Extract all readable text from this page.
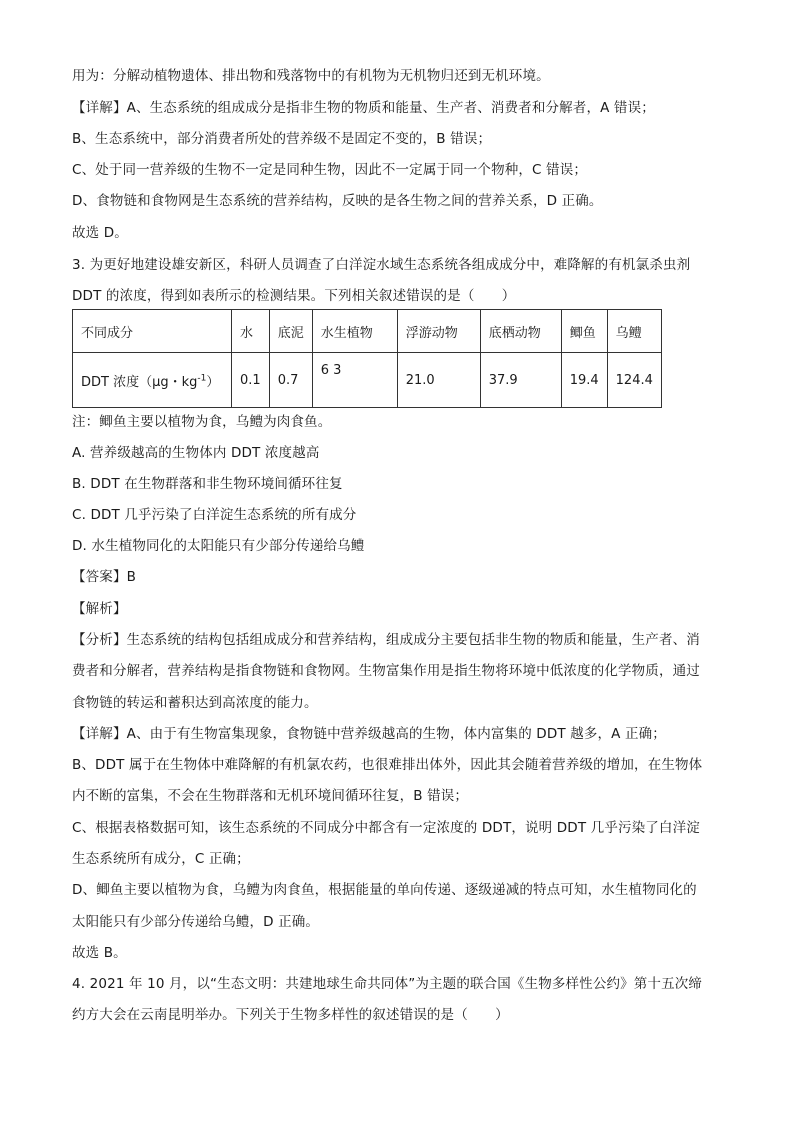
用为：分解动植物遗体、排出物和残落物中的有机物为无机物归还到无机环境。
【详解】A、生态系统的组成成分是指非生物的物质和能量、生产者、消费者和分解者，A 错误；
B、生态系统中，部分消费者所处的营养级不是固定不变的，B 错误；
C、处于同一营养级的生物不一定是同种生物，因此不一定属于同一个物种，C 错误；
D、食物链和食物网是生态系统的营养结构，反映的是各生物之间的营养关系，D 正确。
故选 D。
3. 为更好地建设雄安新区，科研人员调查了白洋淀水域生态系统各组成成分中，难降解的有机氯杀虫剂
DDT 的浓度，得到如表所示的检测结果。下列相关叙述错误的是（　　）
不同成分	水	底泥	水生植物	浮游动物	底栖动物	鲫鱼	乌鳢
DDT 浓度（μg・$kg^{-1}$）	0.1	0.7	6 3	21.0	37.9	19.4	124.4
注：鲫鱼主要以植物为食，乌鳢为肉食鱼。
A. 营养级越高的生物体内 DDT 浓度越高
B. DDT 在生物群落和非生物环境间循环往复
C. DDT 几乎污染了白洋淀生态系统的所有成分
D. 水生植物同化的太阳能只有少部分传递给乌鳢
【答案】B
【解析】
【分析】生态系统的结构包括组成成分和营养结构，组成成分主要包括非生物的物质和能量，生产者、消
费者和分解者，营养结构是指食物链和食物网。生物富集作用是指生物将环境中低浓度的化学物质，通过
食物链的转运和蓄积达到高浓度的能力。
【详解】A、由于有生物富集现象，食物链中营养级越高的生物，体内富集的 DDT 越多，A 正确；
B、DDT 属于在生物体中难降解的有机氯农药，也很难排出体外，因此其会随着营养级的增加，在生物体
内不断的富集，不会在生物群落和无机环境间循环往复，B 错误；
C、根据表格数据可知，该生态系统的不同成分中都含有一定浓度的 DDT，说明 DDT 几乎污染了白洋淀
生态系统所有成分，C 正确；
D、鲫鱼主要以植物为食，乌鳢为肉食鱼，根据能量的单向传递、逐级递减的特点可知，水生植物同化的
太阳能只有少部分传递给乌鳢，D 正确。
故选 B。
4. 2021 年 10 月，以“生态文明：共建地球生命共同体”为主题的联合国《生物多样性公约》第十五次缔
约方大会在云南昆明举办。下列关于生物多样性的叙述错误的是（　　）
